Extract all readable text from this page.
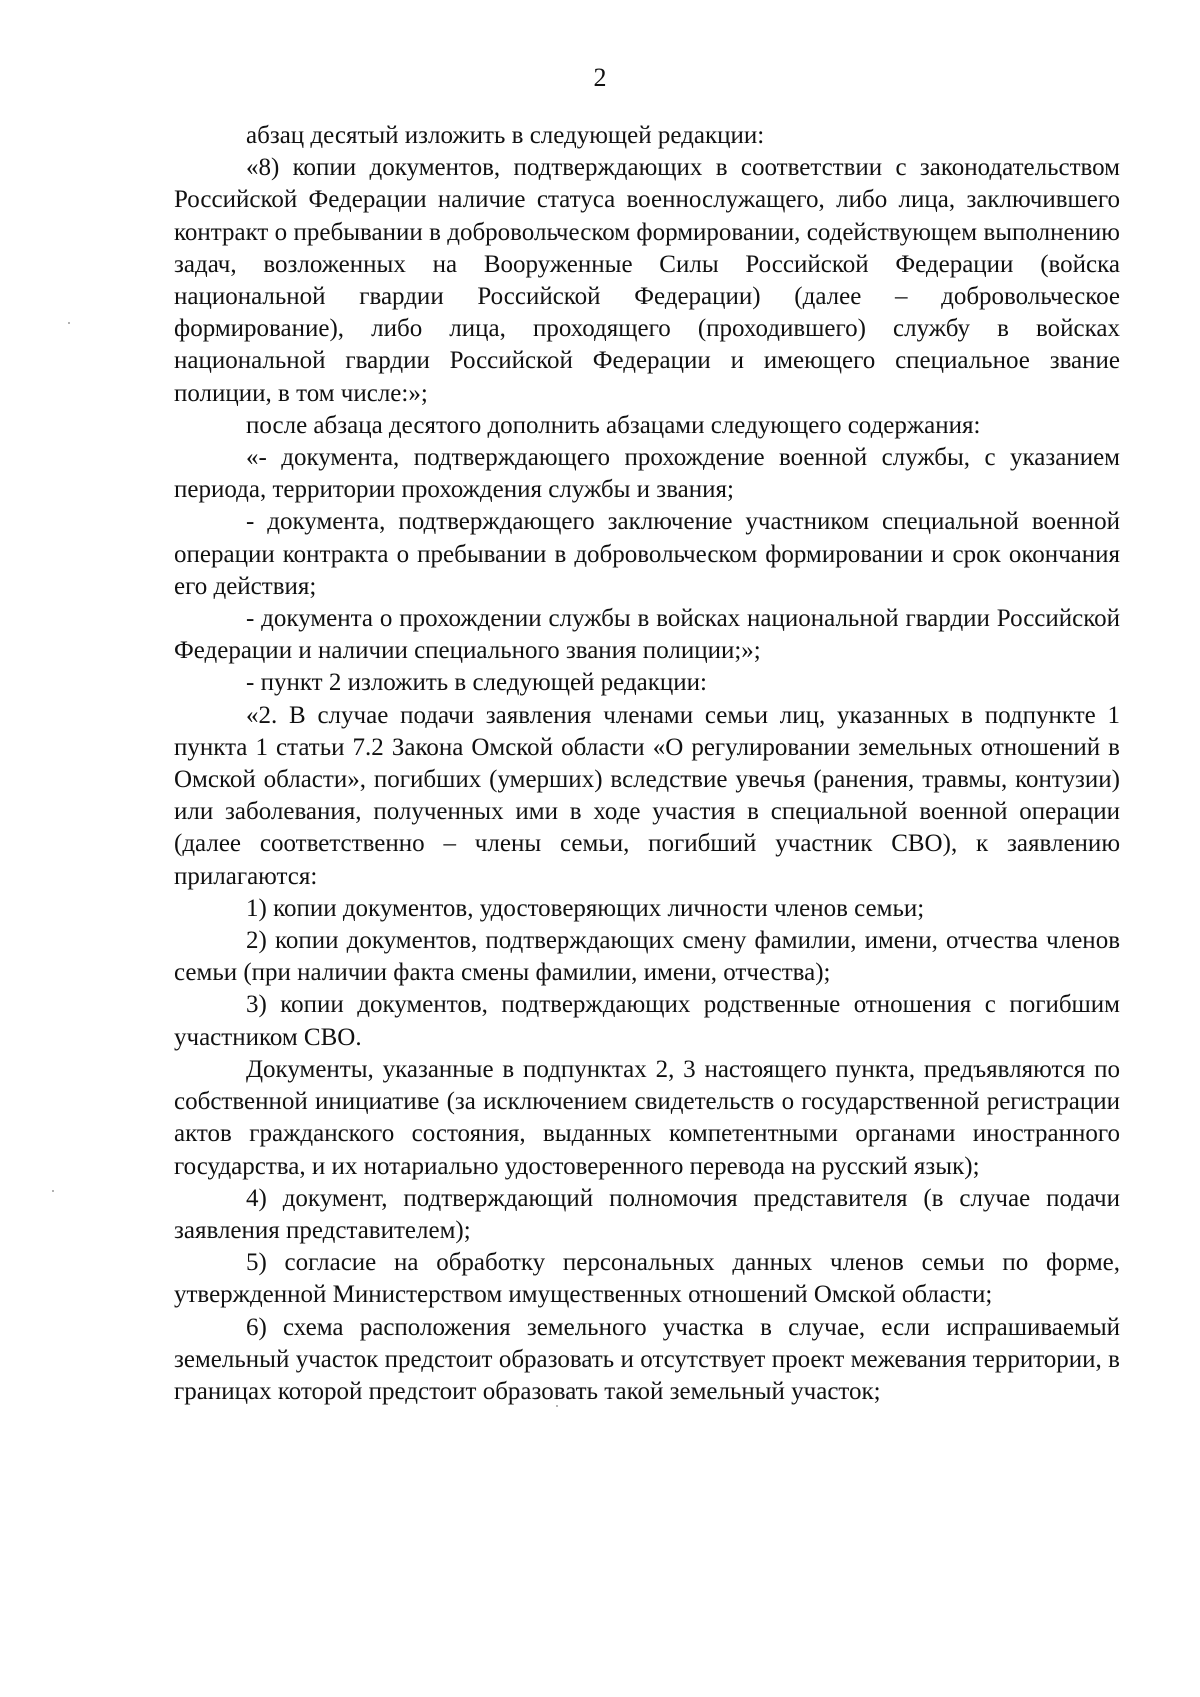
2

абзац десятый изложить в следующей редакции:

«8) копии документов, подтверждающих в соответствии с законодательством Российской Федерации наличие статуса военнослужащего, либо лица, заключившего контракт о пребывании в добровольческом формировании, содействующем выполнению задач, возложенных на Вооруженные Силы Российской Федерации (войска национальной гвардии Российской Федерации) (далее – добровольческое формирование), либо лица, проходящего (проходившего) службу в войсках национальной гвардии Российской Федерации и имеющего специальное звание полиции, в том числе:»;

после абзаца десятого дополнить абзацами следующего содержания:

«- документа, подтверждающего прохождение военной службы, с указанием периода, территории прохождения службы и звания;

- документа, подтверждающего заключение участником специальной военной операции контракта о пребывании в добровольческом формировании и срок окончания его действия;

- документа о прохождении службы в войсках национальной гвардии Российской Федерации и наличии специального звания полиции;»;

- пункт 2 изложить в следующей редакции:

«2. В случае подачи заявления членами семьи лиц, указанных в подпункте 1 пункта 1 статьи 7.2 Закона Омской области «О регулировании земельных отношений в Омской области», погибших (умерших) вследствие увечья (ранения, травмы, контузии) или заболевания, полученных ими в ходе участия в специальной военной операции (далее соответственно – члены семьи, погибший участник СВО), к заявлению прилагаются:

1) копии документов, удостоверяющих личности членов семьи;

2) копии документов, подтверждающих смену фамилии, имени, отчества членов семьи (при наличии факта смены фамилии, имени, отчества);

3) копии документов, подтверждающих родственные отношения с погибшим участником СВО.

Документы, указанные в подпунктах 2, 3 настоящего пункта, предъявляются по собственной инициативе (за исключением свидетельств о государственной регистрации актов гражданского состояния, выданных компетентными органами иностранного государства, и их нотариально удостоверенного перевода на русский язык);

4) документ, подтверждающий полномочия представителя (в случае подачи заявления представителем);

5) согласие на обработку персональных данных членов семьи по форме, утвержденной Министерством имущественных отношений Омской области;

6) схема расположения земельного участка в случае, если испрашиваемый земельный участок предстоит образовать и отсутствует проект межевания территории, в границах которой предстоит образовать такой земельный участок;
